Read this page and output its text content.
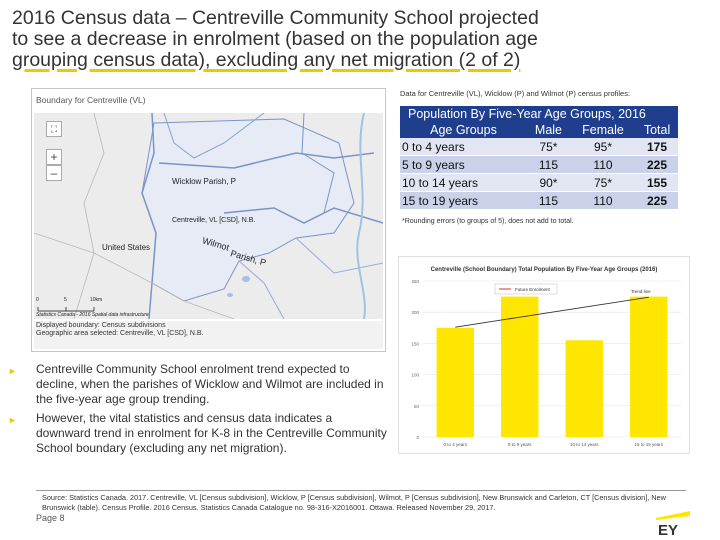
2016 Census data – Centreville Community School projected
to see a decrease in enrolment (based on the population age
grouping census data), excluding any net migration (2 of 2)
Boundary for Centreville (VL)
⛶
+
–
Wicklow Parish, P
Centreville, VL [CSD], N.B.
United States	Wilmot
Parish, P
0	5	10km
Statistics Canada - 2016 Spatial data infrastructure
Displayed boundary: Census subdivisions
Geographic area selected: Centreville, VL [CSD], N.B.
Data for Centreville (VL), Wicklow (P) and Wilmot (P) census profiles:
Population By Five-Year Age Groups, 2016			
Age Groups	Male	Female	Total
0 to 4 years	75*	95*	175
5 to 9 years	115	110	225
10 to 14 years	90*	75*	155
15 to 19 years	115	110	225
*Rounding errors (to groups of 5), does not add to total.
Centreville (School Boundary) Total Population By Five-Year Age Groups (2016)
0
50
100
150
200
250
0 to 4 years	5 to 9 years	10 to 14 years	15 to 19 years
Trend line
Future Enrolment
► Centreville Community School enrolment trend expected to decline, when the parishes of Wicklow and Wilmot are included in the five-year age group trending.
► However, the vital statistics and census data indicates a downward trend in enrolment for K-8 in the Centreville Community School boundary (excluding any net migration).
Source: Statistics Canada. 2017. Centreville, VL [Census subdivision], Wicklow, P [Census subdivision], Wilmot, P [Census subdivision], New Brunswick and Carleton, CT [Census division], New Brunswick (table). Census Profile. 2016 Census. Statistics Canada Catalogue no. 98-316-X2016001. Ottawa. Released November 29, 2017.
Page 8
EY
